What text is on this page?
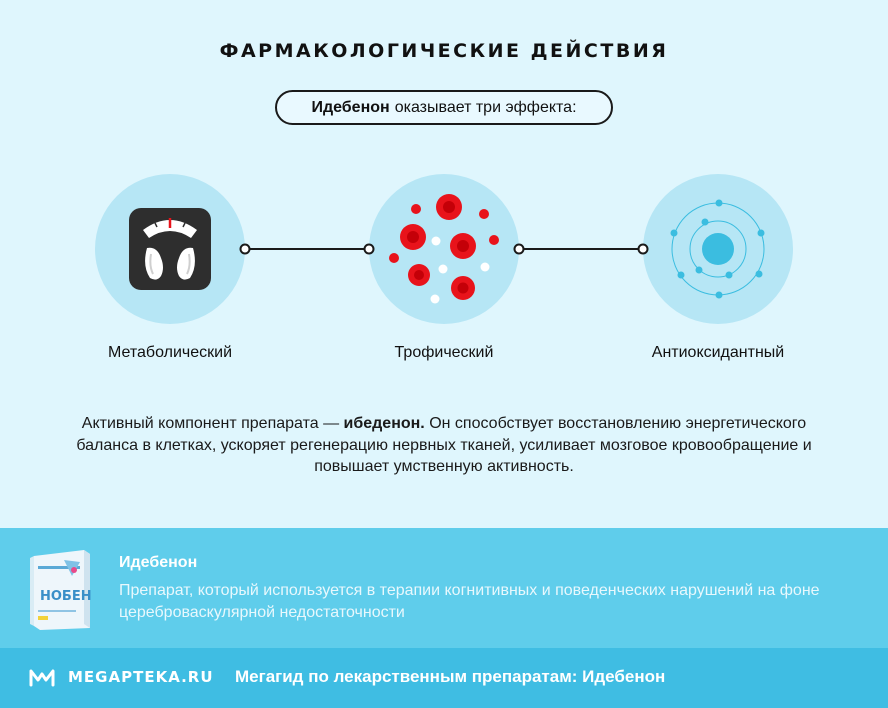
ФАРМАКОЛОГИЧЕСКИЕ ДЕЙСТВИЯ
Идебенон оказывает три эффекта:
Метаболический	Трофический	Антиоксидантный

Активный компонент препарата — ибеденон. Он способствует восстановлению энергетического баланса в клетках, ускоряет регенерацию нервных тканей, усиливает мозговое кровообращение и повышает умственную активность.

НОБЕН
Идебенон
Препарат, который используется в терапии когнитивных и поведенческих нарушений на фоне цереброваскулярной недостаточности
MEGAPTEKA.RU Мегагид по лекарственным препаратам: Идебенон
